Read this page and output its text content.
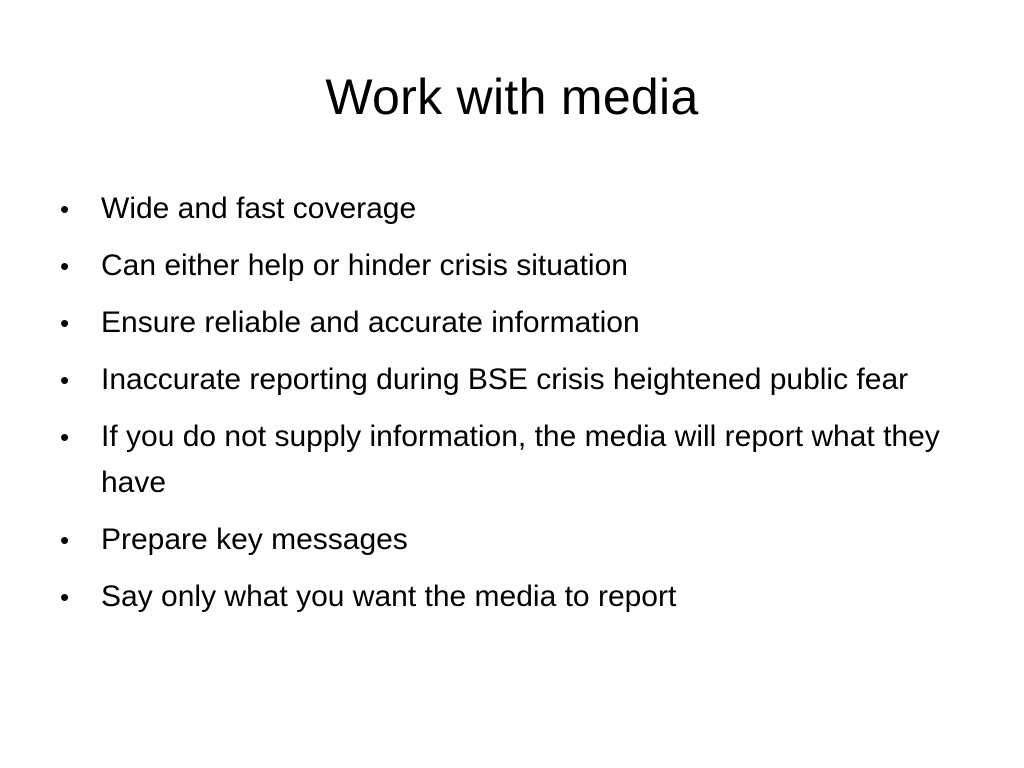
Work with media
•	Wide and fast coverage
•	Can either help or hinder crisis situation
•	Ensure reliable and accurate information
•	Inaccurate reporting during BSE crisis heightened public fear
•	If you do not supply information, the media will report what they have
•	Prepare key messages
•	Say only what you want the media to report
